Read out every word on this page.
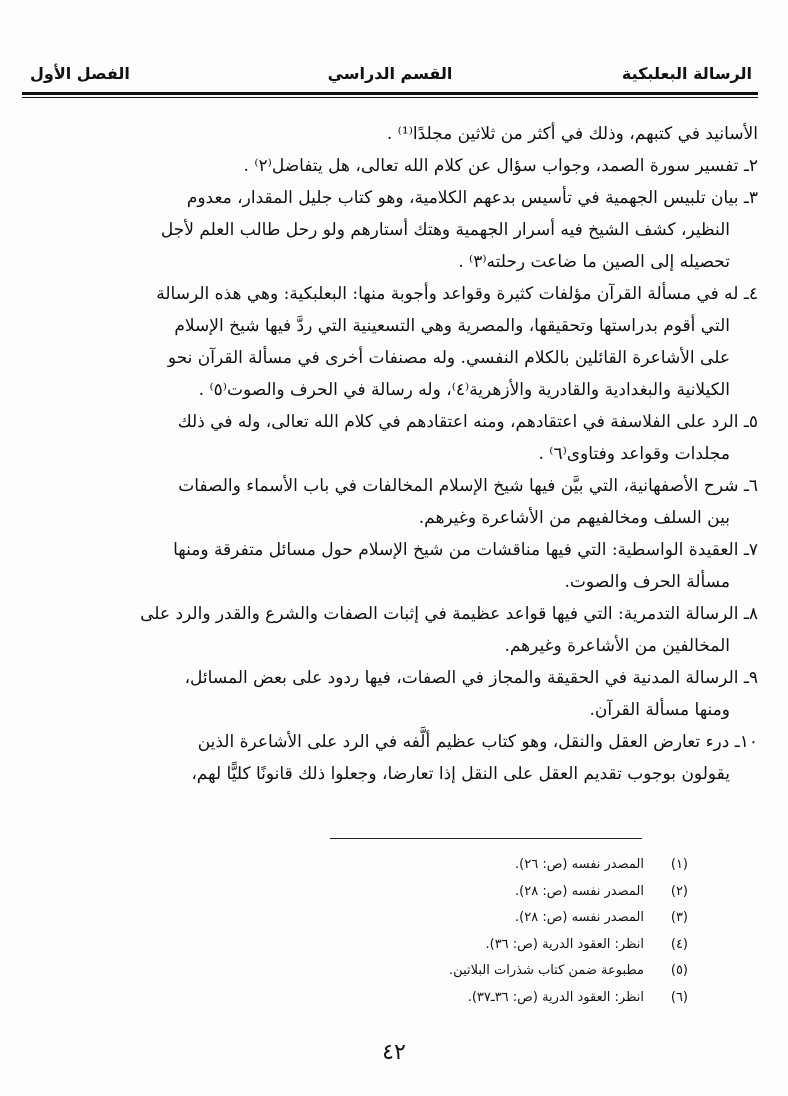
الرسالة البعلبكية
القسم الدراسي
الفصل الأول

الأسانيد في كتبهم، وذلك في أكثر من ثلاثين مجلدًا⁽¹⁾ .

٢ـ تفسير سورة الصمد، وجواب سؤال عن كلام الله تعالى، هل يتفاضل⁽٢⁾ .

٣ـ بيان تلبيس الجهمية في تأسيس بدعهم الكلامية، وهو كتاب جليل المقدار، معدوم

النظير، كشف الشيخ فيه أسرار الجهمية وهتك أستارهم ولو رحل طالب العلم لأجل

تحصيله إلى الصين ما ضاعت رحلته⁽٣⁾ .

٤ـ له في مسألة القرآن مؤلفات كثيرة وقواعد وأجوبة منها: البعلبكية: وهي هذه الرسالة

التي أقوم بدراستها وتحقيقها، والمصرية وهي التسعينية التي ردَّ فيها شيخ الإسلام

على الأشاعرة القائلين بالكلام النفسي. وله مصنفات أخرى في مسألة القرآن نحو

الكيلانية والبغدادية والقادرية والأزهرية⁽٤⁾، وله رسالة في الحرف والصوت⁽٥⁾ .

٥ـ الرد على الفلاسفة في اعتقادهم، ومنه اعتقادهم في كلام الله تعالى، وله في ذلك

مجلدات وقواعد وفتاوى⁽٦⁾ .

٦ـ شرح الأصفهانية، التي بيَّن فيها شيخ الإسلام المخالفات في باب الأسماء والصفات

بين السلف ومخالفيهم من الأشاعرة وغيرهم.

٧ـ العقيدة الواسطية: التي فيها مناقشات من شيخ الإسلام حول مسائل متفرقة ومنها

مسألة الحرف والصوت.

٨ـ الرسالة التدمرية: التي فيها قواعد عظيمة في إثبات الصفات والشرع والقدر والرد على

المخالفين من الأشاعرة وغيرهم.

٩ـ الرسالة المدنية في الحقيقة والمجاز في الصفات، فيها ردود على بعض المسائل،

ومنها مسألة القرآن.

١٠ـ درء تعارض العقل والنقل، وهو كتاب عظيم ألَّفه في الرد على الأشاعرة الذين

يقولون بوجوب تقديم العقل على النقل إذا تعارضا، وجعلوا ذلك قانونًا كليًّا لهم،

(١)
المصدر نفسه (ص: ٢٦).
(٢)
المصدر نفسه (ص: ٢٨).
(٣)
المصدر نفسه (ص: ٢٨).
(٤)
انظر: العقود الدرية (ص: ٣٦).
(٥)
مطبوعة ضمن كتاب شذرات البلاتين.
(٦)
انظر: العقود الدرية (ص: ٣٦ـ٣٧).
٤٢
